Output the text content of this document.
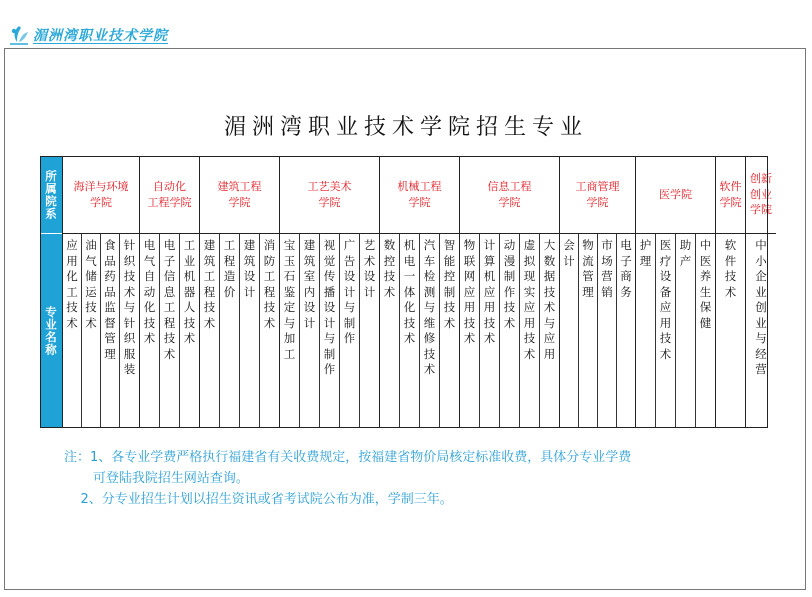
湄洲湾职业技术学院
湄洲湾职业技术学院招生专业
所属院系
专业名称
海洋与环境
学院
应用化工技术
油气储运技术
食品药品监督管理
针织技术与针织服装
自动化
工程学院
电气自动化技术
电子信息工程技术
工业机器人技术
建筑工程
学院
建筑工程技术
工程造价
建筑设计
消防工程技术
工艺美术
学院
宝玉石鉴定与加工
建筑室内设计
视觉传播设计与制作
广告设计与制作
艺术设计
机械工程
学院
数控技术
机电一体化技术
汽车检测与维修技术
智能控制技术
信息工程
学院
物联网应用技术
计算机应用技术
动漫制作技术
虚拟现实应用技术
大数据技术与应用
工商管理
学院
会计
物流管理
市场营销
电子商务
医学院
护理
医疗设备应用技术
助产
中医养生保健
软件
学院
软件技术
创新
创业
学院
中小企业创业与经营
注：1、各专业学费严格执行福建省有关收费规定，按福建省物价局核定标准收费，具体分专业学费
可登陆我院招生网站查询。
2、分专业招生计划以招生资讯或省考试院公布为准，学制三年。
